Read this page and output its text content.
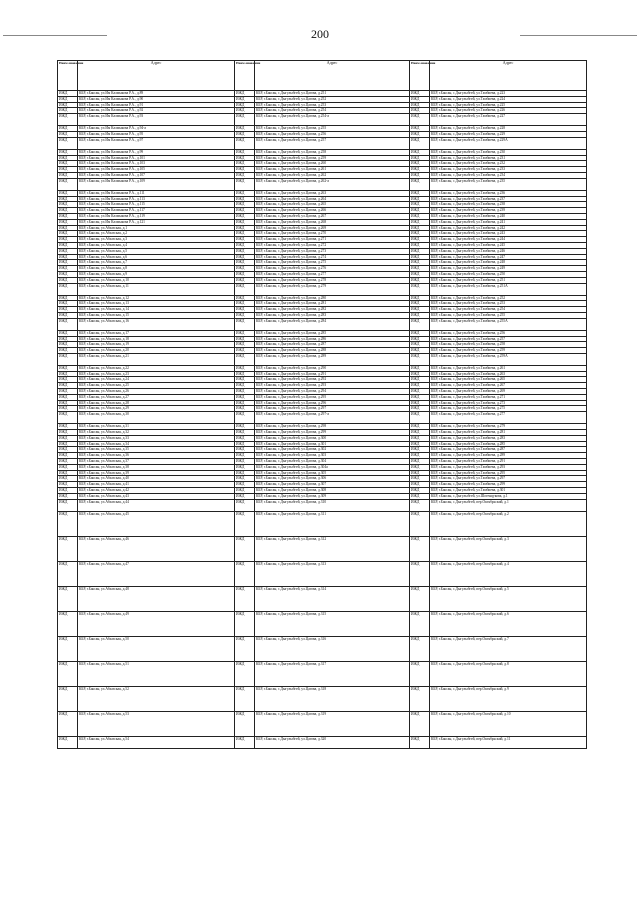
200
Наим енова ние	Адрес	Наим енова ние	Адрес	Наим енова ние	Адрес
ИЖД	КБР, г.Баксан, ул.Им Калмыкова Р.А., д.89	ИЖД	КБР, г.Баксан, с.Дыгулыбгей, ул.Цагова, д.251	ИЖД	КБР, г.Баксан, с.Дыгулыбгей, ул.Тамбиева, д.223
ИЖД	КБР, г.Баксан, ул.Им Калмыкова Р.А., д.90	ИЖД	КБР, г.Баксан, с.Дыгулыбгей, ул.Цагова, д.252	ИЖД	КБР, г.Баксан, с.Дыгулыбгей, ул.Тамбиева, д.224
ИЖД	КБР, г.Баксан, ул.Им Калмыкова Р.А., д.91	ИЖД	КБР, г.Баксан, с.Дыгулыбгей, ул.Цагова, д.253	ИЖД	КБР, г.Баксан, с.Дыгулыбгей, ул.Тамбиева, д.225
ИЖД	КБР, г.Баксан, ул.Им Калмыкова Р.А., д.92	ИЖД	КБР, г.Баксан, с.Дыгулыбгей, ул.Цагова, д.254	ИЖД	КБР, г.Баксан, с.Дыгулыбгей, ул.Тамбиева, д.226
ИЖД	КБР, г.Баксан, ул.Им Калмыкова Р.А., д.93	ИЖД	КБР, г.Баксан, с.Дыгулыбгей, ул.Цагова, д.254-а	ИЖД	КБР, г.Баксан, с.Дыгулыбгей, ул.Тамбиева, д.227
ИЖД	КБР, г.Баксан, ул.Им Калмыкова Р.А., д.94-а	ИЖД	КБР, г.Баксан, с.Дыгулыбгей, ул.Цагова, д.255	ИЖД	КБР, г.Баксан, с.Дыгулыбгей, ул.Тамбиева, д.228
ИЖД	КБР, г.Баксан, ул.Им Калмыкова Р.А., д.95	ИЖД	КБР, г.Баксан, с.Дыгулыбгей, ул.Цагова, д.256	ИЖД	КБР, г.Баксан, с.Дыгулыбгей, ул.Тамбиева, д.229
ИЖД	КБР, г.Баксан, ул.Им Калмыкова Р.А., д.97	ИЖД	КБР, г.Баксан, с.Дыгулыбгей, ул.Цагова, д.257	ИЖД	КБР, г.Баксан, с.Дыгулыбгей, ул.Тамбиева, д.229А
ИЖД	КБР, г.Баксан, ул.Им Калмыкова Р.А., д.99	ИЖД	КБР, г.Баксан, с.Дыгулыбгей, ул.Цагова, д.258	ИЖД	КБР, г.Баксан, с.Дыгулыбгей, ул.Тамбиева, д.230
ИЖД	КБР, г.Баксан, ул.Им Калмыкова Р.А., д.101	ИЖД	КБР, г.Баксан, с.Дыгулыбгей, ул.Цагова, д.259	ИЖД	КБР, г.Баксан, с.Дыгулыбгей, ул.Тамбиева, д.231
ИЖД	КБР, г.Баксан, ул.Им Калмыкова Р.А., д.103	ИЖД	КБР, г.Баксан, с.Дыгулыбгей, ул.Цагова, д.260	ИЖД	КБР, г.Баксан, с.Дыгулыбгей, ул.Тамбиева, д.232
ИЖД	КБР, г.Баксан, ул.Им Калмыкова Р.А., д.105	ИЖД	КБР, г.Баксан, с.Дыгулыбгей, ул.Цагова, д.261	ИЖД	КБР, г.Баксан, с.Дыгулыбгей, ул.Тамбиева, д.233
ИЖД	КБР, г.Баксан, ул.Им Калмыкова Р.А., д.107	ИЖД	КБР, г.Баксан, с.Дыгулыбгей, ул.Цагова, д.262	ИЖД	КБР, г.Баксан, с.Дыгулыбгей, ул.Тамбиева, д.234
ИЖД	КБР, г.Баксан, ул.Им Калмыкова Р.А., д.109	ИЖД	КБР, г.Баксан, с.Дыгулыбгей, ул.Цагова, д.262-а	ИЖД	КБР, г.Баксан, с.Дыгулыбгей, ул.Тамбиева, д.235
ИЖД	КБР, г.Баксан, ул.Им Калмыкова Р.А., д.111	ИЖД	КБР, г.Баксан, с.Дыгулыбгей, ул.Цагова, д.263	ИЖД	КБР, г.Баксан, с.Дыгулыбгей, ул.Тамбиева, д.236
ИЖД	КБР, г.Баксан, ул.Им Калмыкова Р.А., д.113	ИЖД	КБР, г.Баксан, с.Дыгулыбгей, ул.Цагова, д.264	ИЖД	КБР, г.Баксан, с.Дыгулыбгей, ул.Тамбиева, д.237
ИЖД	КБР, г.Баксан, ул.Им Калмыкова Р.А., д.115	ИЖД	КБР, г.Баксан, с.Дыгулыбгей, ул.Цагова, д.265	ИЖД	КБР, г.Баксан, с.Дыгулыбгей, ул.Тамбиева, д.238
ИЖД	КБР, г.Баксан, ул.Им Калмыкова Р.А., д.117	ИЖД	КБР, г.Баксан, с.Дыгулыбгей, ул.Цагова, д.266	ИЖД	КБР, г.Баксан, с.Дыгулыбгей, ул.Тамбиева, д.239
ИЖД	КБР, г.Баксан, ул.Им Калмыкова Р.А., д.119	ИЖД	КБР, г.Баксан, с.Дыгулыбгей, ул.Цагова, д.267	ИЖД	КБР, г.Баксан, с.Дыгулыбгей, ул.Тамбиева, д.240
ИЖД	КБР, г.Баксан, ул.Им Калмыкова Р.А., д.121	ИЖД	КБР, г.Баксан, с.Дыгулыбгей, ул.Цагова, д.268	ИЖД	КБР, г.Баксан, с.Дыгулыбгей, ул.Тамбиева, д.241
ИЖД	КБР, г.Баксан, ул.Абхазская, д.1	ИЖД	КБР, г.Баксан, с.Дыгулыбгей, ул.Цагова, д.269	ИЖД	КБР, г.Баксан, с.Дыгулыбгей, ул.Тамбиева, д.242
ИЖД	КБР, г.Баксан, ул.Абхазская, д.2	ИЖД	КБР, г.Баксан, с.Дыгулыбгей, ул.Цагова, д.270	ИЖД	КБР, г.Баксан, с.Дыгулыбгей, ул.Тамбиева, д.243
ИЖД	КБР, г.Баксан, ул.Абхазская, д.3	ИЖД	КБР, г.Баксан, с.Дыгулыбгей, ул.Цагова, д.271	ИЖД	КБР, г.Баксан, с.Дыгулыбгей, ул.Тамбиева, д.244
ИЖД	КБР, г.Баксан, ул.Абхазская, д.4	ИЖД	КБР, г.Баксан, с.Дыгулыбгей, ул.Цагова, д.272	ИЖД	КБР, г.Баксан, с.Дыгулыбгей, ул.Тамбиева, д.245
ИЖД	КБР, г.Баксан, ул.Абхазская, д.5	ИЖД	КБР, г.Баксан, с.Дыгулыбгей, ул.Цагова, д.273	ИЖД	КБР, г.Баксан, с.Дыгулыбгей, ул.Тамбиева, д.246
ИЖД	КБР, г.Баксан, ул.Абхазская, д.6	ИЖД	КБР, г.Баксан, с.Дыгулыбгей, ул.Цагова, д.274	ИЖД	КБР, г.Баксан, с.Дыгулыбгей, ул.Тамбиева, д.247
ИЖД	КБР, г.Баксан, ул.Абхазская, д.7	ИЖД	КБР, г.Баксан, с.Дыгулыбгей, ул.Цагова, д.275	ИЖД	КБР, г.Баксан, с.Дыгулыбгей, ул.Тамбиева, д.248
ИЖД	КБР, г.Баксан, ул.Абхазская, д.8	ИЖД	КБР, г.Баксан, с.Дыгулыбгей, ул.Цагова, д.276	ИЖД	КБР, г.Баксан, с.Дыгулыбгей, ул.Тамбиева, д.249
ИЖД	КБР, г.Баксан, ул.Абхазская, д.9	ИЖД	КБР, г.Баксан, с.Дыгулыбгей, ул.Цагова, д.277	ИЖД	КБР, г.Баксан, с.Дыгулыбгей, ул.Тамбиева, д.250
ИЖД	КБР, г.Баксан, ул.Абхазская, д.10	ИЖД	КБР, г.Баксан, с.Дыгулыбгей, ул.Цагова, д.278	ИЖД	КБР, г.Баксан, с.Дыгулыбгей, ул.Тамбиева, д.251
ИЖД	КБР, г.Баксан, ул.Абхазская, д.11	ИЖД	КБР, г.Баксан, с.Дыгулыбгей, ул.Цагова, д.279	ИЖД	КБР, г.Баксан, с.Дыгулыбгей, ул.Тамбиева, д.251А
ИЖД	КБР, г.Баксан, ул.Абхазская, д.12	ИЖД	КБР, г.Баксан, с.Дыгулыбгей, ул.Цагова, д.280	ИЖД	КБР, г.Баксан, с.Дыгулыбгей, ул.Тамбиева, д.252
ИЖД	КБР, г.Баксан, ул.Абхазская, д.13	ИЖД	КБР, г.Баксан, с.Дыгулыбгей, ул.Цагова, д.281	ИЖД	КБР, г.Баксан, с.Дыгулыбгей, ул.Тамбиева, д.253
ИЖД	КБР, г.Баксан, ул.Абхазская, д.14	ИЖД	КБР, г.Баксан, с.Дыгулыбгей, ул.Цагова, д.282	ИЖД	КБР, г.Баксан, с.Дыгулыбгей, ул.Тамбиева, д.254
ИЖД	КБР, г.Баксан, ул.Абхазская, д.15	ИЖД	КБР, г.Баксан, с.Дыгулыбгей, ул.Цагова, д.283	ИЖД	КБР, г.Баксан, с.Дыгулыбгей, ул.Тамбиева, д.255
ИЖД	КБР, г.Баксан, ул.Абхазская, д.16	ИЖД	КБР, г.Баксан, с.Дыгулыбгей, ул.Цагова, д.284	ИЖД	КБР, г.Баксан, с.Дыгулыбгей, ул.Тамбиева, д.255А
ИЖД	КБР, г.Баксан, ул.Абхазская, д.17	ИЖД	КБР, г.Баксан, с.Дыгулыбгей, ул.Цагова, д.285	ИЖД	КБР, г.Баксан, с.Дыгулыбгей, ул.Тамбиева, д.256
ИЖД	КБР, г.Баксан, ул.Абхазская, д.18	ИЖД	КБР, г.Баксан, с.Дыгулыбгей, ул.Цагова, д.286	ИЖД	КБР, г.Баксан, с.Дыгулыбгей, ул.Тамбиева, д.257
ИЖД	КБР, г.Баксан, ул.Абхазская, д.19	ИЖД	КБР, г.Баксан, с.Дыгулыбгей, ул.Цагова, д.287	ИЖД	КБР, г.Баксан, с.Дыгулыбгей, ул.Тамбиева, д.258
ИЖД	КБР, г.Баксан, ул.Абхазская, д.20	ИЖД	КБР, г.Баксан, с.Дыгулыбгей, ул.Цагова, д.288	ИЖД	КБР, г.Баксан, с.Дыгулыбгей, ул.Тамбиева, д.259
ИЖД	КБР, г.Баксан, ул.Абхазская, д.21	ИЖД	КБР, г.Баксан, с.Дыгулыбгей, ул.Цагова, д.289	ИЖД	КБР, г.Баксан, с.Дыгулыбгей, ул.Тамбиева, д.259А
ИЖД	КБР, г.Баксан, ул.Абхазская, д.22	ИЖД	КБР, г.Баксан, с.Дыгулыбгей, ул.Цагова, д.290	ИЖД	КБР, г.Баксан, с.Дыгулыбгей, ул.Тамбиева, д.261
ИЖД	КБР, г.Баксан, ул.Абхазская, д.23	ИЖД	КБР, г.Баксан, с.Дыгулыбгей, ул.Цагова, д.291	ИЖД	КБР, г.Баксан, с.Дыгулыбгей, ул.Тамбиева, д.263
ИЖД	КБР, г.Баксан, ул.Абхазская, д.24	ИЖД	КБР, г.Баксан, с.Дыгулыбгей, ул.Цагова, д.292	ИЖД	КБР, г.Баксан, с.Дыгулыбгей, ул.Тамбиева, д.265
ИЖД	КБР, г.Баксан, ул.Абхазская, д.25	ИЖД	КБР, г.Баксан, с.Дыгулыбгей, ул.Цагова, д.293	ИЖД	КБР, г.Баксан, с.Дыгулыбгей, ул.Тамбиева, д.267
ИЖД	КБР, г.Баксан, ул.Абхазская, д.26	ИЖД	КБР, г.Баксан, с.Дыгулыбгей, ул.Цагова, д.294	ИЖД	КБР, г.Баксан, с.Дыгулыбгей, ул.Тамбиева, д.269
ИЖД	КБР, г.Баксан, ул.Абхазская, д.27	ИЖД	КБР, г.Баксан, с.Дыгулыбгей, ул.Цагова, д.295	ИЖД	КБР, г.Баксан, с.Дыгулыбгей, ул.Тамбиева, д.271
ИЖД	КБР, г.Баксан, ул.Абхазская, д.28	ИЖД	КБР, г.Баксан, с.Дыгулыбгей, ул.Цагова, д.296	ИЖД	КБР, г.Баксан, с.Дыгулыбгей, ул.Тамбиева, д.273
ИЖД	КБР, г.Баксан, ул.Абхазская, д.29	ИЖД	КБР, г.Баксан, с.Дыгулыбгей, ул.Цагова, д.297	ИЖД	КБР, г.Баксан, с.Дыгулыбгей, ул.Тамбиева, д.275
ИЖД	КБР, г.Баксан, ул.Абхазская, д.30	ИЖД	КБР, г.Баксан, с.Дыгулыбгей, ул.Цагова, д.297-а	ИЖД	КБР, г.Баксан, с.Дыгулыбгей, ул.Тамбиева, д.277
ИЖД	КБР, г.Баксан, ул.Абхазская, д.31	ИЖД	КБР, г.Баксан, с.Дыгулыбгей, ул.Цагова, д.298	ИЖД	КБР, г.Баксан, с.Дыгулыбгей, ул.Тамбиева, д.279
ИЖД	КБР, г.Баксан, ул.Абхазская, д.32	ИЖД	КБР, г.Баксан, с.Дыгулыбгей, ул.Цагова, д.299	ИЖД	КБР, г.Баксан, с.Дыгулыбгей, ул.Тамбиева, д.281
ИЖД	КБР, г.Баксан, ул.Абхазская, д.33	ИЖД	КБР, г.Баксан, с.Дыгулыбгей, ул.Цагова, д.300	ИЖД	КБР, г.Баксан, с.Дыгулыбгей, ул.Тамбиева, д.283
ИЖД	КБР, г.Баксан, ул.Абхазская, д.34	ИЖД	КБР, г.Баксан, с.Дыгулыбгей, ул.Цагова, д.301	ИЖД	КБР, г.Баксан, с.Дыгулыбгей, ул.Тамбиева, д.285
ИЖД	КБР, г.Баксан, ул.Абхазская, д.35	ИЖД	КБР, г.Баксан, с.Дыгулыбгей, ул.Цагова, д.302	ИЖД	КБР, г.Баксан, с.Дыгулыбгей, ул.Тамбиева, д.287
ИЖД	КБР, г.Баксан, ул.Абхазская, д.36	ИЖД	КБР, г.Баксан, с.Дыгулыбгей, ул.Цагова, д.303	ИЖД	КБР, г.Баксан, с.Дыгулыбгей, ул.Тамбиева, д.289
ИЖД	КБР, г.Баксан, ул.Абхазская, д.37	ИЖД	КБР, г.Баксан, с.Дыгулыбгей, ул.Цагова, д.304	ИЖД	КБР, г.Баксан, с.Дыгулыбгей, ул.Тамбиева, д.291
ИЖД	КБР, г.Баксан, ул.Абхазская, д.38	ИЖД	КБР, г.Баксан, с.Дыгулыбгей, ул.Цагова, д.304а	ИЖД	КБР, г.Баксан, с.Дыгулыбгей, ул.Тамбиева, д.293
ИЖД	КБР, г.Баксан, ул.Абхазская, д.39	ИЖД	КБР, г.Баксан, с.Дыгулыбгей, ул.Цагова, д.305	ИЖД	КБР, г.Баксан, с.Дыгулыбгей, ул.Тамбиева, д.295
ИЖД	КБР, г.Баксан, ул.Абхазская, д.40	ИЖД	КБР, г.Баксан, с.Дыгулыбгей, ул.Цагова, д.306	ИЖД	КБР, г.Баксан, с.Дыгулыбгей, ул.Тамбиева, д.297
ИЖД	КБР, г.Баксан, ул.Абхазская, д.41	ИЖД	КБР, г.Баксан, с.Дыгулыбгей, ул.Цагова, д.307	ИЖД	КБР, г.Баксан, с.Дыгулыбгей, ул.Тамбиева, д.299
ИЖД	КБР, г.Баксан, ул.Абхазская, д.42	ИЖД	КБР, г.Баксан, с.Дыгулыбгей, ул.Цагова, д.308	ИЖД	КБР, г.Баксан, с.Дыгулыбгей, ул.Тамбиева, д.301
ИЖД	КБР, г.Баксан, ул.Абхазская, д.43	ИЖД	КБР, г.Баксан, с.Дыгулыбгей, ул.Цагова, д.309	ИЖД	КБР, г.Баксан, с.Дыгулыбгей, ул.Шогенцукова, д.1
ИЖД	КБР, г.Баксан, ул.Абхазская, д.44	ИЖД	КБР, г.Баксан, с.Дыгулыбгей, ул.Цагова, д.310	ИЖД	КБР, г.Баксан, с.Дыгулыбгей, пер.Октябрьский, д.1
ИЖД	КБР, г.Баксан, ул.Абхазская, д.45	ИЖД	КБР, г.Баксан, с.Дыгулыбгей, ул.Цагова, д.311	ИЖД	КБР, г.Баксан, с.Дыгулыбгей, пер.Октябрьский, д.2
ИЖД	КБР, г.Баксан, ул.Абхазская, д.46	ИЖД	КБР, г.Баксан, с.Дыгулыбгей, ул.Цагова, д.312	ИЖД	КБР, г.Баксан, с.Дыгулыбгей, пер.Октябрьский, д.3
ИЖД	КБР, г.Баксан, ул.Абхазская, д.47	ИЖД	КБР, г.Баксан, с.Дыгулыбгей, ул.Цагова, д.313	ИЖД	КБР, г.Баксан, с.Дыгулыбгей, пер.Октябрьский, д.4
ИЖД	КБР, г.Баксан, ул.Абхазская, д.48	ИЖД	КБР, г.Баксан, с.Дыгулыбгей, ул.Цагова, д.314	ИЖД	КБР, г.Баксан, с.Дыгулыбгей, пер.Октябрьский, д.5
ИЖД	КБР, г.Баксан, ул.Абхазская, д.49	ИЖД	КБР, г.Баксан, с.Дыгулыбгей, ул.Цагова, д.315	ИЖД	КБР, г.Баксан, с.Дыгулыбгей, пер.Октябрьский, д.6
ИЖД	КБР, г.Баксан, ул.Абхазская, д.50	ИЖД	КБР, г.Баксан, с.Дыгулыбгей, ул.Цагова, д.316	ИЖД	КБР, г.Баксан, с.Дыгулыбгей, пер.Октябрьский, д.7
ИЖД	КБР, г.Баксан, ул.Абхазская, д.51	ИЖД	КБР, г.Баксан, с.Дыгулыбгей, ул.Цагова, д.317	ИЖД	КБР, г.Баксан, с.Дыгулыбгей, пер.Октябрьский, д.8
ИЖД	КБР, г.Баксан, ул.Абхазская, д.52	ИЖД	КБР, г.Баксан, с.Дыгулыбгей, ул.Цагова, д.318	ИЖД	КБР, г.Баксан, с.Дыгулыбгей, пер.Октябрьский, д.9
ИЖД	КБР, г.Баксан, ул.Абхазская, д.53	ИЖД	КБР, г.Баксан, с.Дыгулыбгей, ул.Цагова, д.319	ИЖД	КБР, г.Баксан, с.Дыгулыбгей, пер.Октябрьский, д.10
ИЖД	КБР, г.Баксан, ул.Абхазская, д.54	ИЖД	КБР, г.Баксан, с.Дыгулыбгей, ул.Цагова, д.320	ИЖД	КБР, г.Баксан, с.Дыгулыбгей, пер.Октябрьский, д.11
